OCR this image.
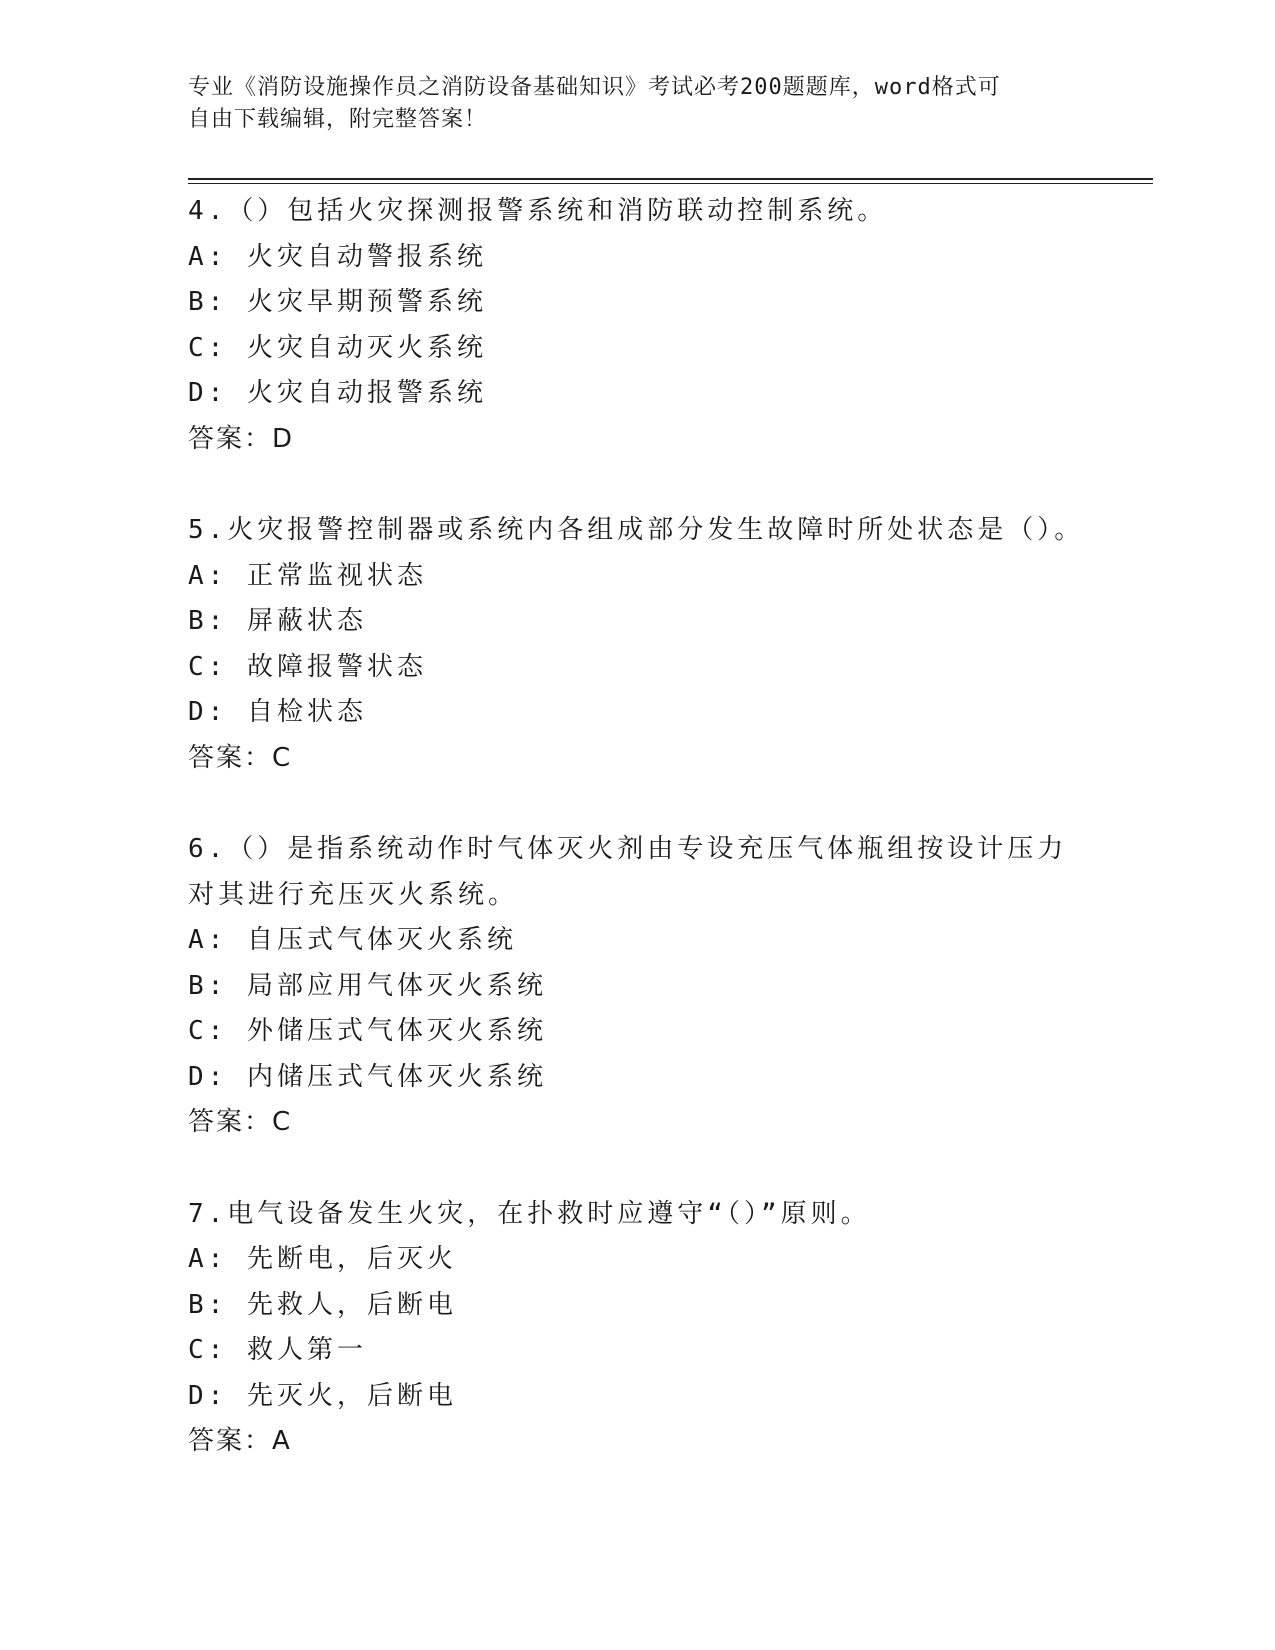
专业《消防设施操作员之消防设备基础知识》考试必考200题题库，word格式可
自由下载编辑，附完整答案！
4.（）包括火灾探测报警系统和消防联动控制系统。
A: 火灾自动警报系统
B: 火灾早期预警系统
C: 火灾自动灭火系统
D: 火灾自动报警系统
答案：D
5.火灾报警控制器或系统内各组成部分发生故障时所处状态是（）。
A: 正常监视状态
B: 屏蔽状态
C: 故障报警状态
D: 自检状态
答案：C
6.（）是指系统动作时气体灭火剂由专设充压气体瓶组按设计压力对其进行充压灭火系统。
A: 自压式气体灭火系统
B: 局部应用气体灭火系统
C: 外储压式气体灭火系统
D: 内储压式气体灭火系统
答案：C
7.电气设备发生火灾，在扑救时应遵守“（）”原则。
A: 先断电，后灭火
B: 先救人，后断电
C: 救人第一
D: 先灭火，后断电
答案：A
